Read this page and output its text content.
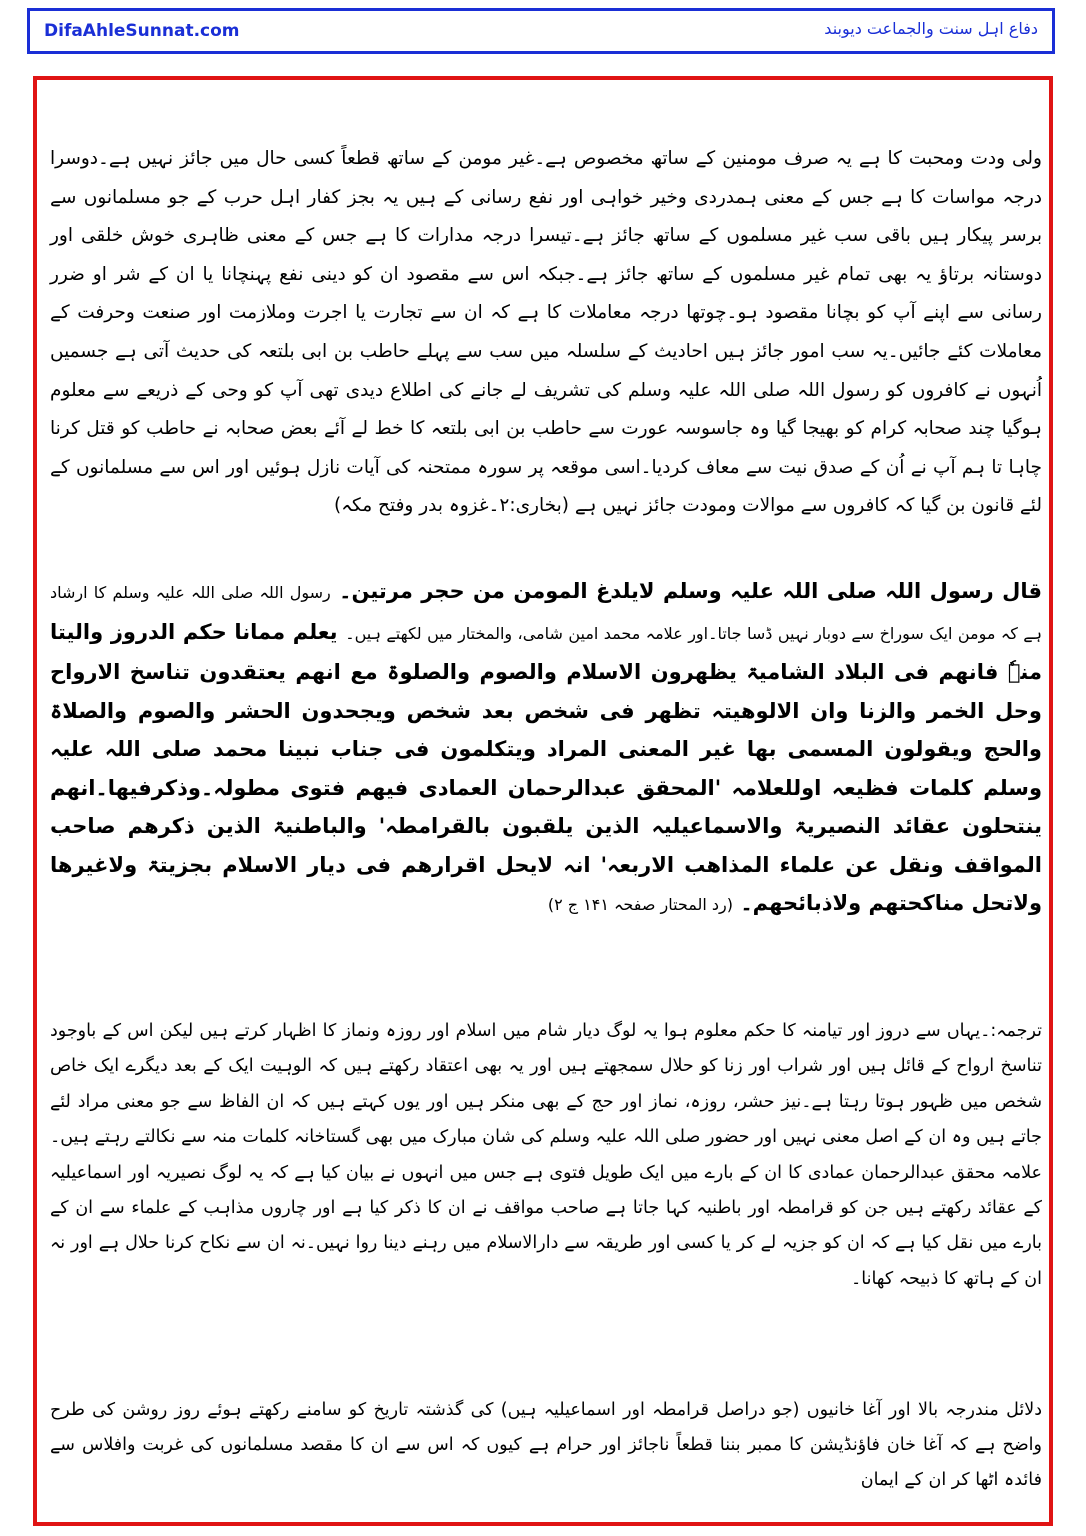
DifaAhleSunnat.com	دفاع اہل سنت والجماعت دیوبند

ولی ودت ومحبت کا ہے یہ صرف مومنین کے ساتھ مخصوص ہے۔غیر مومن کے ساتھ قطعاً کسی حال میں جائز نہیں ہے۔دوسرا درجہ مواسات کا ہے جس کے معنی ہمدردی وخیر خواہی اور نفع رسانی کے ہیں یہ بجز کفار اہل حرب کے جو مسلمانوں سے برسر پیکار ہیں باقی سب غیر مسلموں کے ساتھ جائز ہے۔تیسرا درجہ مدارات کا ہے جس کے معنی ظاہری خوش خلقی اور دوستانہ برتاؤ یہ بھی تمام غیر مسلموں کے ساتھ جائز ہے۔جبکہ اس سے مقصود ان کو دینی نفع پہنچانا یا ان کے شر او ضرر رسانی سے اپنے آپ کو بچانا مقصود ہو۔چوتھا درجہ معاملات کا ہے کہ ان سے تجارت یا اجرت وملازمت اور صنعت وحرفت کے معاملات کئے جائیں۔یہ سب امور جائز ہیں احادیث کے سلسلہ میں سب سے پہلے حاطب بن ابی بلتعہ کی حدیث آتی ہے جسمیں اُنہوں نے کافروں کو رسول اللہ صلی اللہ علیہ وسلم کی تشریف لے جانے کی اطلاع دیدی تھی آپ کو وحی کے ذریعے سے معلوم ہوگیا چند صحابہ کرام کو بھیجا گیا وہ جاسوسہ عورت سے حاطب بن ابی بلتعہ کا خط لے آئے بعض صحابہ نے حاطب کو قتل کرنا چاہا تا ہم آپ نے اُن کے صدق نیت سے معاف کردیا۔اسی موقعہ پر سورہ ممتحنہ کی آیات نازل ہوئیں اور اس سے مسلمانوں کے لئے قانون بن گیا کہ کافروں سے موالات ومودت جائز نہیں ہے (بخاری:۲۔غزوہ بدر وفتح مکہ)

قال رسول اللہ صلی اللہ علیہ وسلم لایلدغ المومن من حجر مرتین۔ رسول اللہ صلی اللہ علیہ وسلم کا ارشاد ہے کہ مومن ایک سوراخ سے دوبار نہیں ڈسا جاتا۔اور علامہ محمد امین شامی، والمختار میں لکھتے ہیں۔ یعلم ممانا حکم الدروز والیتا منہٗ فانھم فی البلاد الشامیۃ یظھرون الاسلام والصوم والصلوۃ مع انھم یعتقدون تناسخ الارواح وحل الخمر والزنا وان الالوھیتہ تظھر فی شخص بعد شخص ویجحدون الحشر والصوم والصلاۃ والحج ویقولون المسمی بھا غیر المعنی المراد ویتکلمون فی جناب نبینا محمد صلی اللہ علیہ وسلم کلمات فظیعہ اوللعلامہ 'المحقق عبدالرحمان العمادی فیھم فتوی مطولہ۔وذکرفیھا۔انھم ینتحلون عقائد النصیریۃ والاسماعیلیہ الذین یلقبون بالقرامطہ' والباطنیۃ الذین ذکرھم صاحب المواقف ونقل عن علماء المذاھب الاربعہ' انہ لایحل اقرارھم فی دیار الاسلام بجزیتۃ ولاغیرھا ولاتحل مناکحتھم ولاذبائحھم۔ (رد المحتار صفحہ ۱۴۱ ج ۲)

ترجمہ:۔یہاں سے دروز اور تیامنہ کا حکم معلوم ہوا یہ لوگ دیار شام میں اسلام اور روزہ ونماز کا اظہار کرتے ہیں لیکن اس کے باوجود تناسخ ارواح کے قائل ہیں اور شراب اور زنا کو حلال سمجھتے ہیں اور یہ بھی اعتقاد رکھتے ہیں کہ الوہیت ایک کے بعد دیگرے ایک خاص شخص میں ظہور ہوتا رہتا ہے۔نیز حشر، روزہ، نماز اور حج کے بھی منکر ہیں اور یوں کہتے ہیں کہ ان الفاظ سے جو معنی مراد لئے جاتے ہیں وہ ان کے اصل معنی نہیں اور حضور صلی اللہ علیہ وسلم کی شان مبارک میں بھی گستاخانہ کلمات منہ سے نکالتے رہتے ہیں۔علامہ محقق عبدالرحمان عمادی کا ان کے بارے میں ایک طویل فتوی ہے جس میں انہوں نے بیان کیا ہے کہ یہ لوگ نصیریہ اور اسماعیلیہ کے عقائد رکھتے ہیں جن کو قرامطہ اور باطنیہ کہا جاتا ہے صاحب مواقف نے ان کا ذکر کیا ہے اور چاروں مذاہب کے علماء سے ان کے بارے میں نقل کیا ہے کہ ان کو جزیہ لے کر یا کسی اور طریقہ سے دارالاسلام میں رہنے دینا روا نہیں۔نہ ان سے نکاح کرنا حلال ہے اور نہ ان کے ہاتھ کا ذبیحہ کھانا۔

دلائل مندرجہ بالا اور آغا خانیوں (جو دراصل قرامطہ اور اسماعیلیہ ہیں) کی گذشتہ تاریخ کو سامنے رکھتے ہوئے روز روشن کی طرح واضح ہے کہ آغا خان فاؤنڈیشن کا ممبر بننا قطعاً ناجائز اور حرام ہے کیوں کہ اس سے ان کا مقصد مسلمانوں کی غربت وافلاس سے فائدہ اٹھا کر ان کے ایمان
